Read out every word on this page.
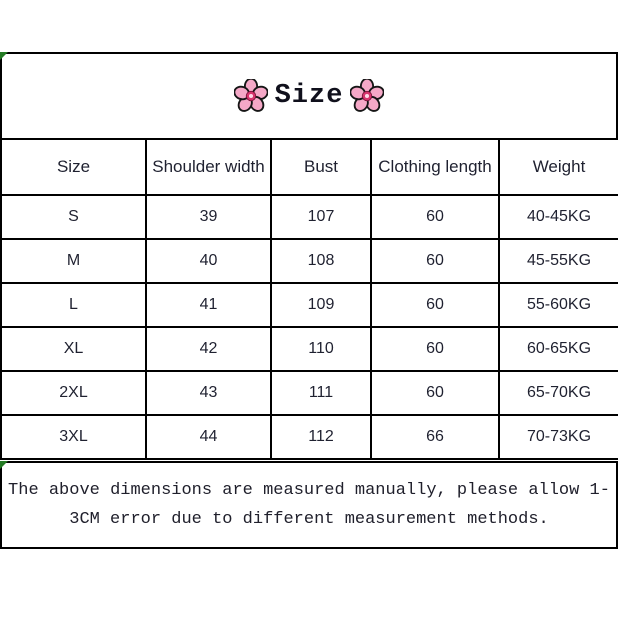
Size
Size	Shoulder width	Bust	Clothing length	Weight
S	39	107	60	40-45KG
M	40	108	60	45-55KG
L	41	109	60	55-60KG
XL	42	110	60	60-65KG
2XL	43	111	60	65-70KG
3XL	44	112	66	70-73KG
The above dimensions are measured manually, please allow 1-3CM error due to different measurement methods.
